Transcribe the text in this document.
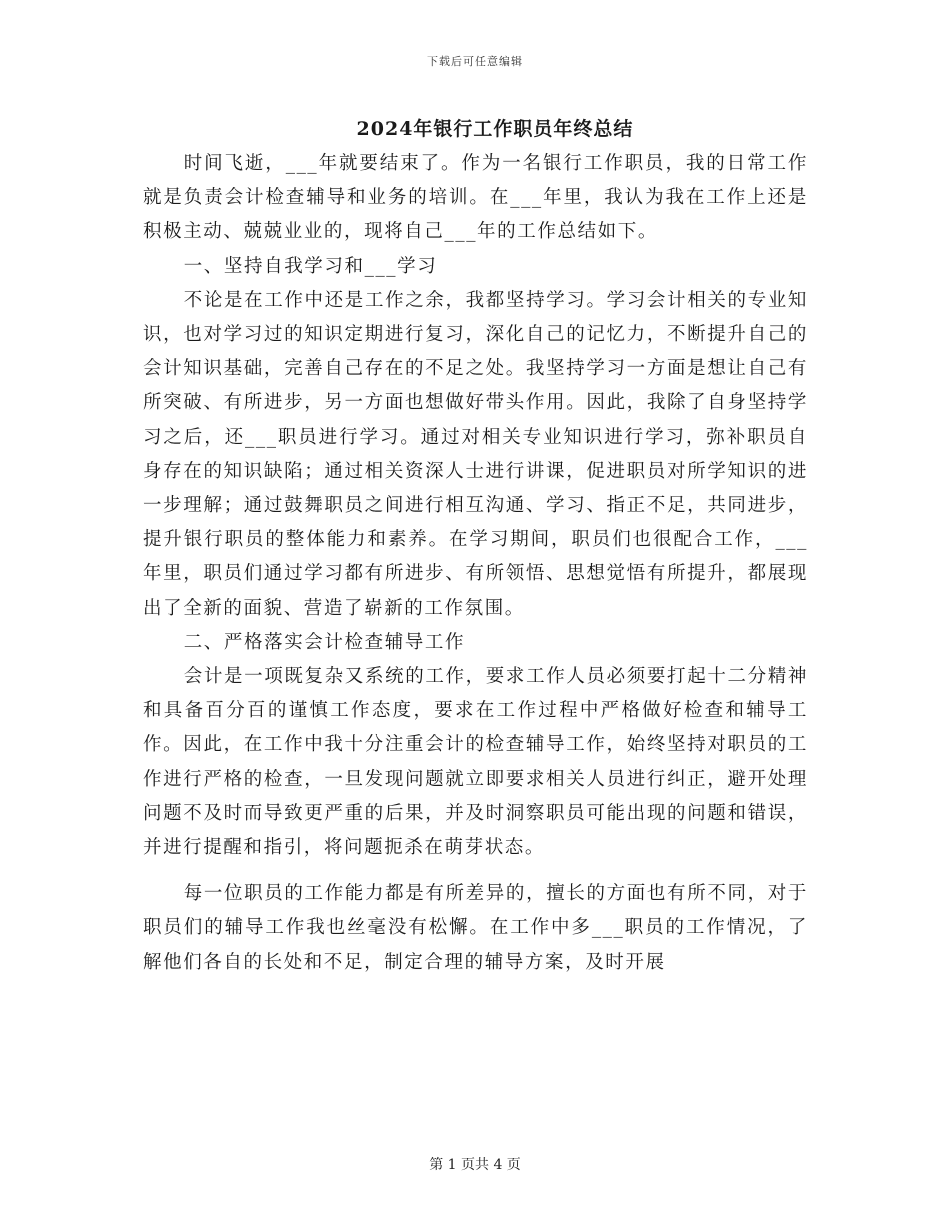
下载后可任意编辑
2024年银行工作职员年终总结

时间飞逝，___年就要结束了。作为一名银行工作职员，我的日常工作就是负责会计检查辅导和业务的培训。在___年里，我认为我在工作上还是积极主动、兢兢业业的，现将自己___年的工作总结如下。

一、坚持自我学习和___学习

不论是在工作中还是工作之余，我都坚持学习。学习会计相关的专业知识，也对学习过的知识定期进行复习，深化自己的记忆力，不断提升自己的会计知识基础，完善自己存在的不足之处。我坚持学习一方面是想让自己有所突破、有所进步，另一方面也想做好带头作用。因此，我除了自身坚持学习之后，还___职员进行学习。通过对相关专业知识进行学习，弥补职员自身存在的知识缺陷；通过相关资深人士进行讲课，促进职员对所学知识的进一步理解；通过鼓舞职员之间进行相互沟通、学习、指正不足，共同进步，提升银行职员的整体能力和素养。在学习期间，职员们也很配合工作，___年里，职员们通过学习都有所进步、有所领悟、思想觉悟有所提升，都展现出了全新的面貌、营造了崭新的工作氛围。

二、严格落实会计检查辅导工作

会计是一项既复杂又系统的工作，要求工作人员必须要打起十二分精神和具备百分百的谨慎工作态度，要求在工作过程中严格做好检查和辅导工作。因此，在工作中我十分注重会计的检查辅导工作，始终坚持对职员的工作进行严格的检查，一旦发现问题就立即要求相关人员进行纠正，避开处理问题不及时而导致更严重的后果，并及时洞察职员可能出现的问题和错误，并进行提醒和指引，将问题扼杀在萌芽状态。

每一位职员的工作能力都是有所差异的，擅长的方面也有所不同，对于职员们的辅导工作我也丝毫没有松懈。在工作中多___职员的工作情况，了解他们各自的长处和不足，制定合理的辅导方案，及时开展

第 1 页共 4 页
